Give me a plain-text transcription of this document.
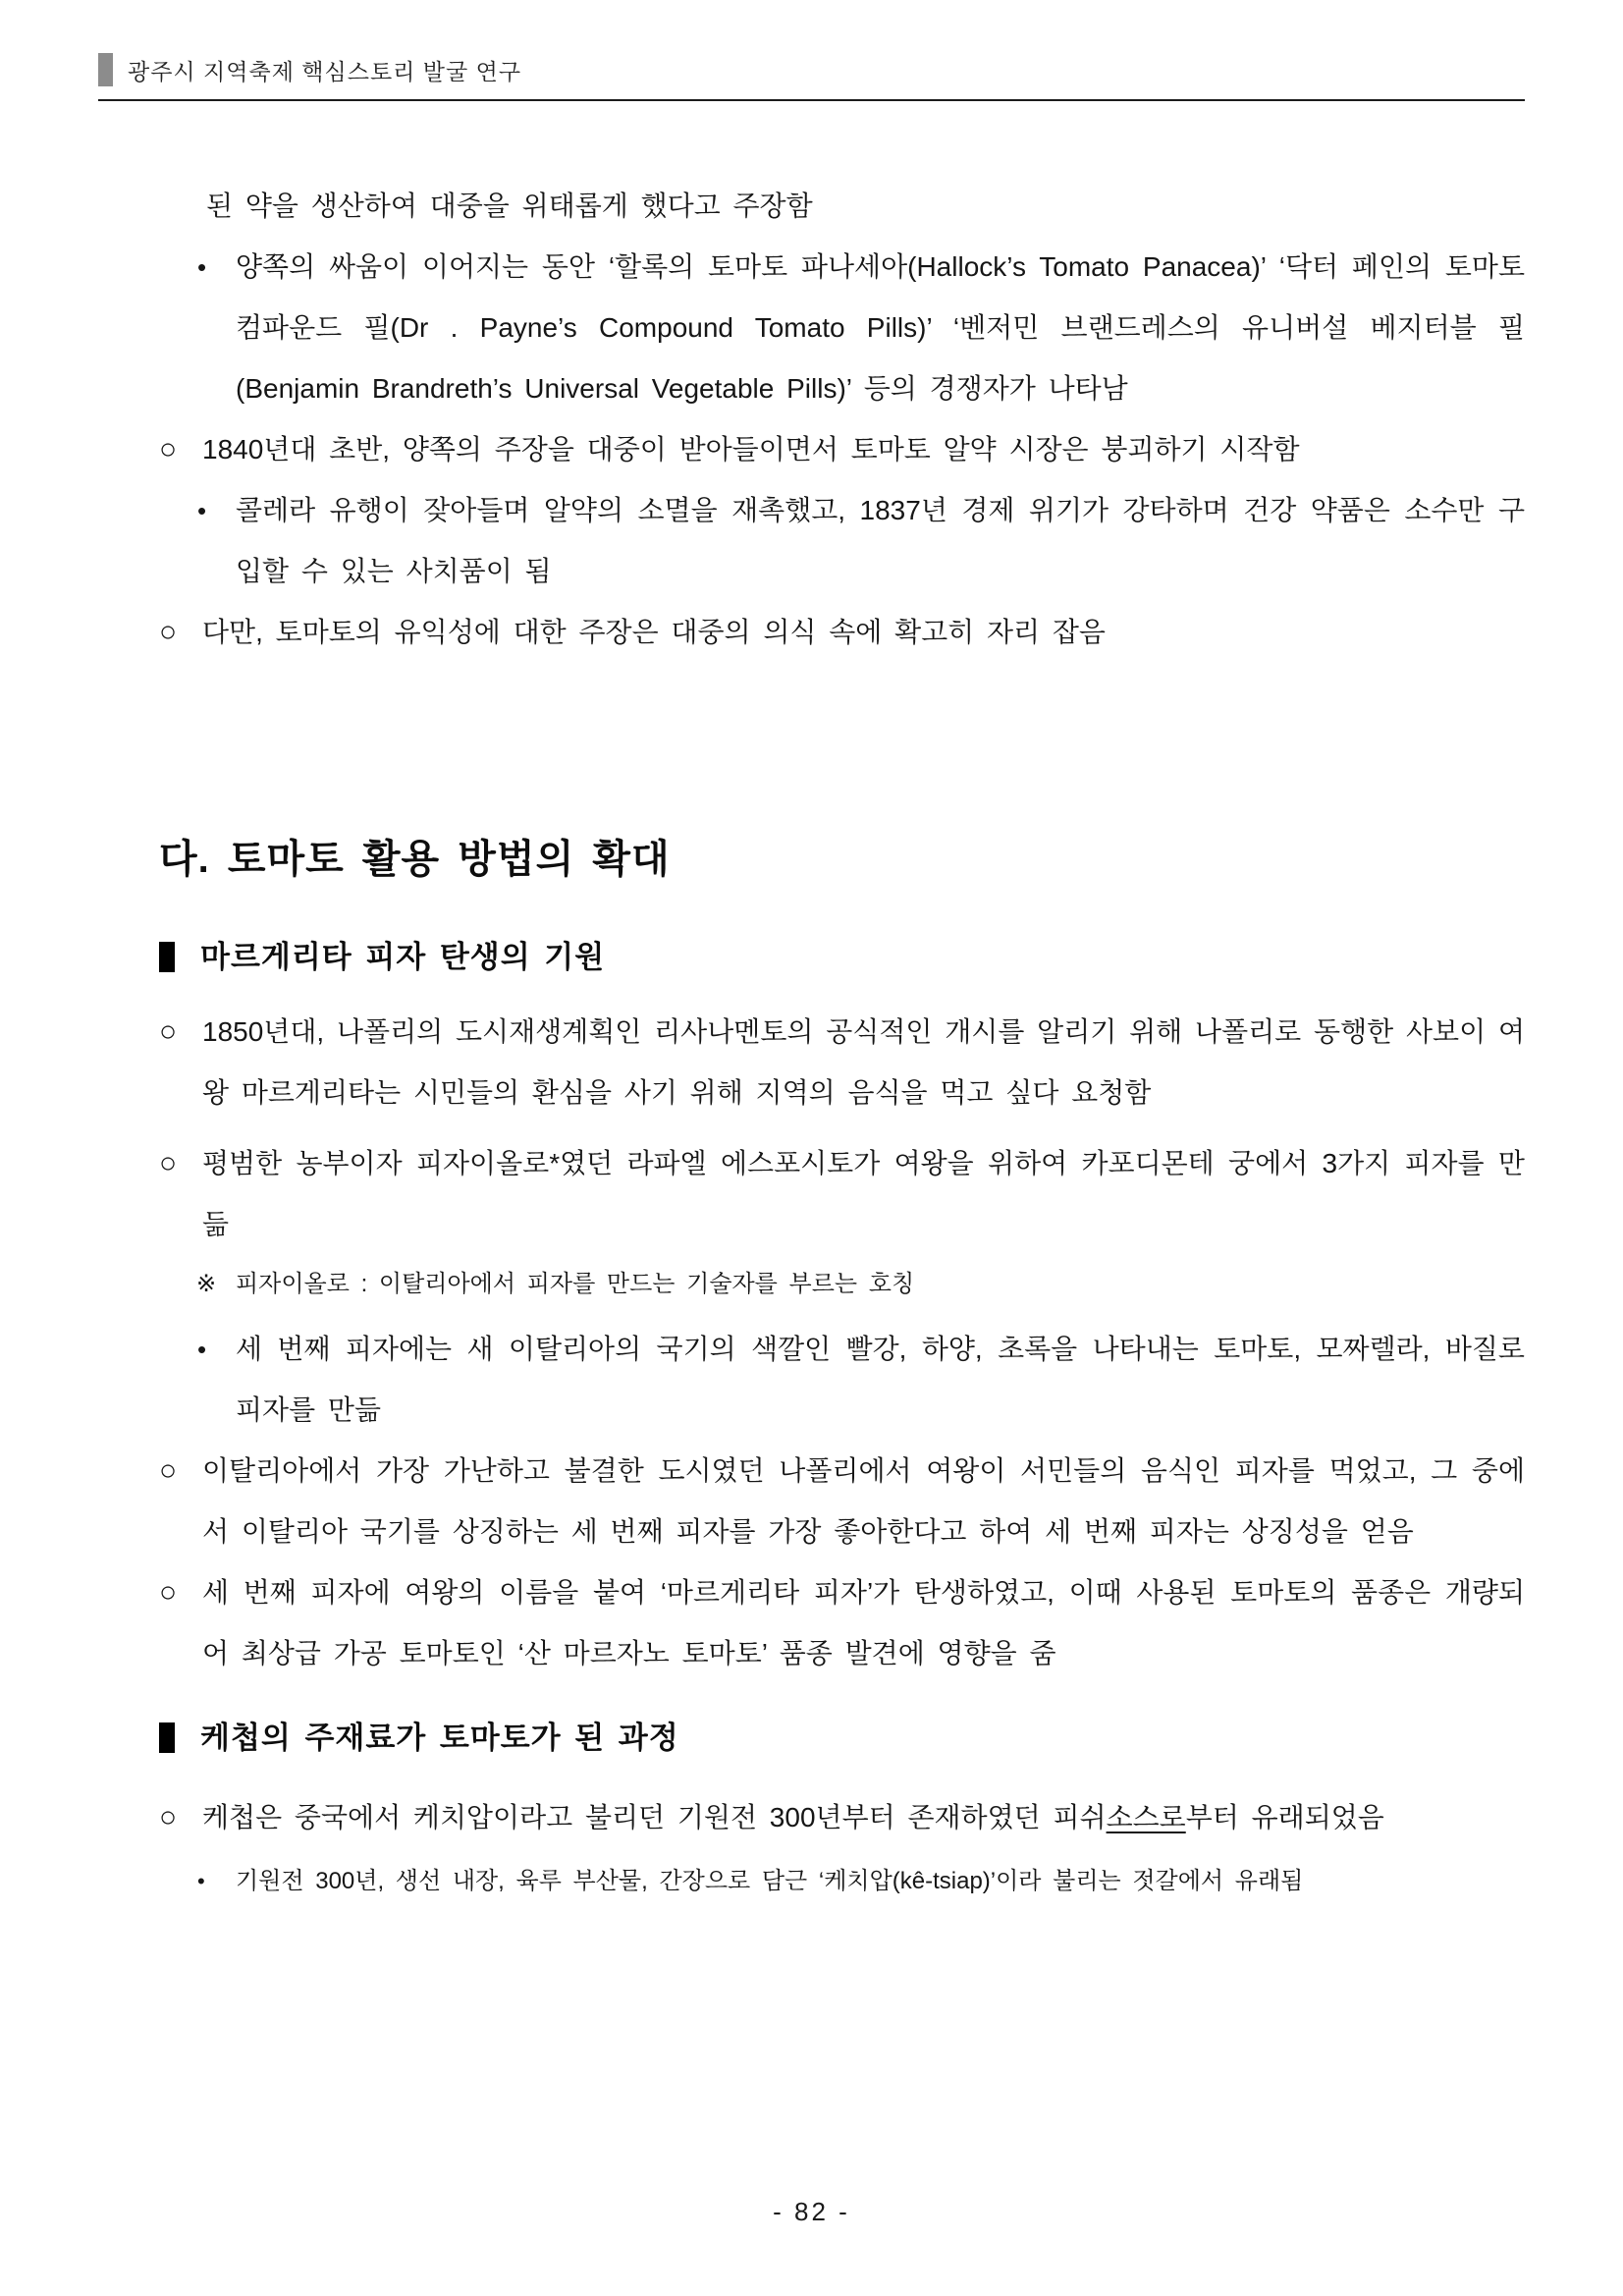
광주시 지역축제 핵심스토리 발굴 연구
된 약을 생산하여 대중을 위태롭게 했다고 주장함
• 양쪽의 싸움이 이어지는 동안 ‘할록의 토마토 파나세아(Hallock’s Tomato Panacea)’ ‘닥터 페인의 토마토 컴파운드 필(Dr . Payne’s Compound Tomato Pills)’ ‘벤저민 브랜드레스의 유니버설 베지터블 필(Benjamin Brandreth’s Universal Vegetable Pills)’ 등의 경쟁자가 나타남
○ 1840년대 초반, 양쪽의 주장을 대중이 받아들이면서 토마토 알약 시장은 붕괴하기 시작함
• 콜레라 유행이 잦아들며 알약의 소멸을 재촉했고, 1837년 경제 위기가 강타하며 건강 약품은 소수만 구입할 수 있는 사치품이 됨
○ 다만, 토마토의 유익성에 대한 주장은 대중의 의식 속에 확고히 자리 잡음
다. 토마토 활용 방법의 확대
마르게리타 피자 탄생의 기원
○ 1850년대, 나폴리의 도시재생계획인 리사나멘토의 공식적인 개시를 알리기 위해 나폴리로 동행한 사보이 여왕 마르게리타는 시민들의 환심을 사기 위해 지역의 음식을 먹고 싶다 요청함
○ 평범한 농부이자 피자이올로*였던 라파엘 에스포시토가 여왕을 위하여 카포디몬테 궁에서 3가지 피자를 만듦
※ 피자이올로 : 이탈리아에서 피자를 만드는 기술자를 부르는 호칭
• 세 번째 피자에는 새 이탈리아의 국기의 색깔인 빨강, 하양, 초록을 나타내는 토마토, 모짜렐라, 바질로 피자를 만듦
○ 이탈리아에서 가장 가난하고 불결한 도시였던 나폴리에서 여왕이 서민들의 음식인 피자를 먹었고, 그 중에서 이탈리아 국기를 상징하는 세 번째 피자를 가장 좋아한다고 하여 세 번째 피자는 상징성을 얻음
○ 세 번째 피자에 여왕의 이름을 붙여 ‘마르게리타 피자’가 탄생하였고, 이때 사용된 토마토의 품종은 개량되어 최상급 가공 토마토인 ‘산 마르자노 토마토’ 품종 발견에 영향을 줌
케첩의 주재료가 토마토가 된 과정
○ 케첩은 중국에서 케치압이라고 불리던 기원전 300년부터 존재하였던 피쉬소스로부터 유래되었음
• 기원전 300년, 생선 내장, 육루 부산물, 간장으로 담근 ‘케치압(kê-tsiap)’이라 불리는 젓갈에서 유래됨
- 82 -
